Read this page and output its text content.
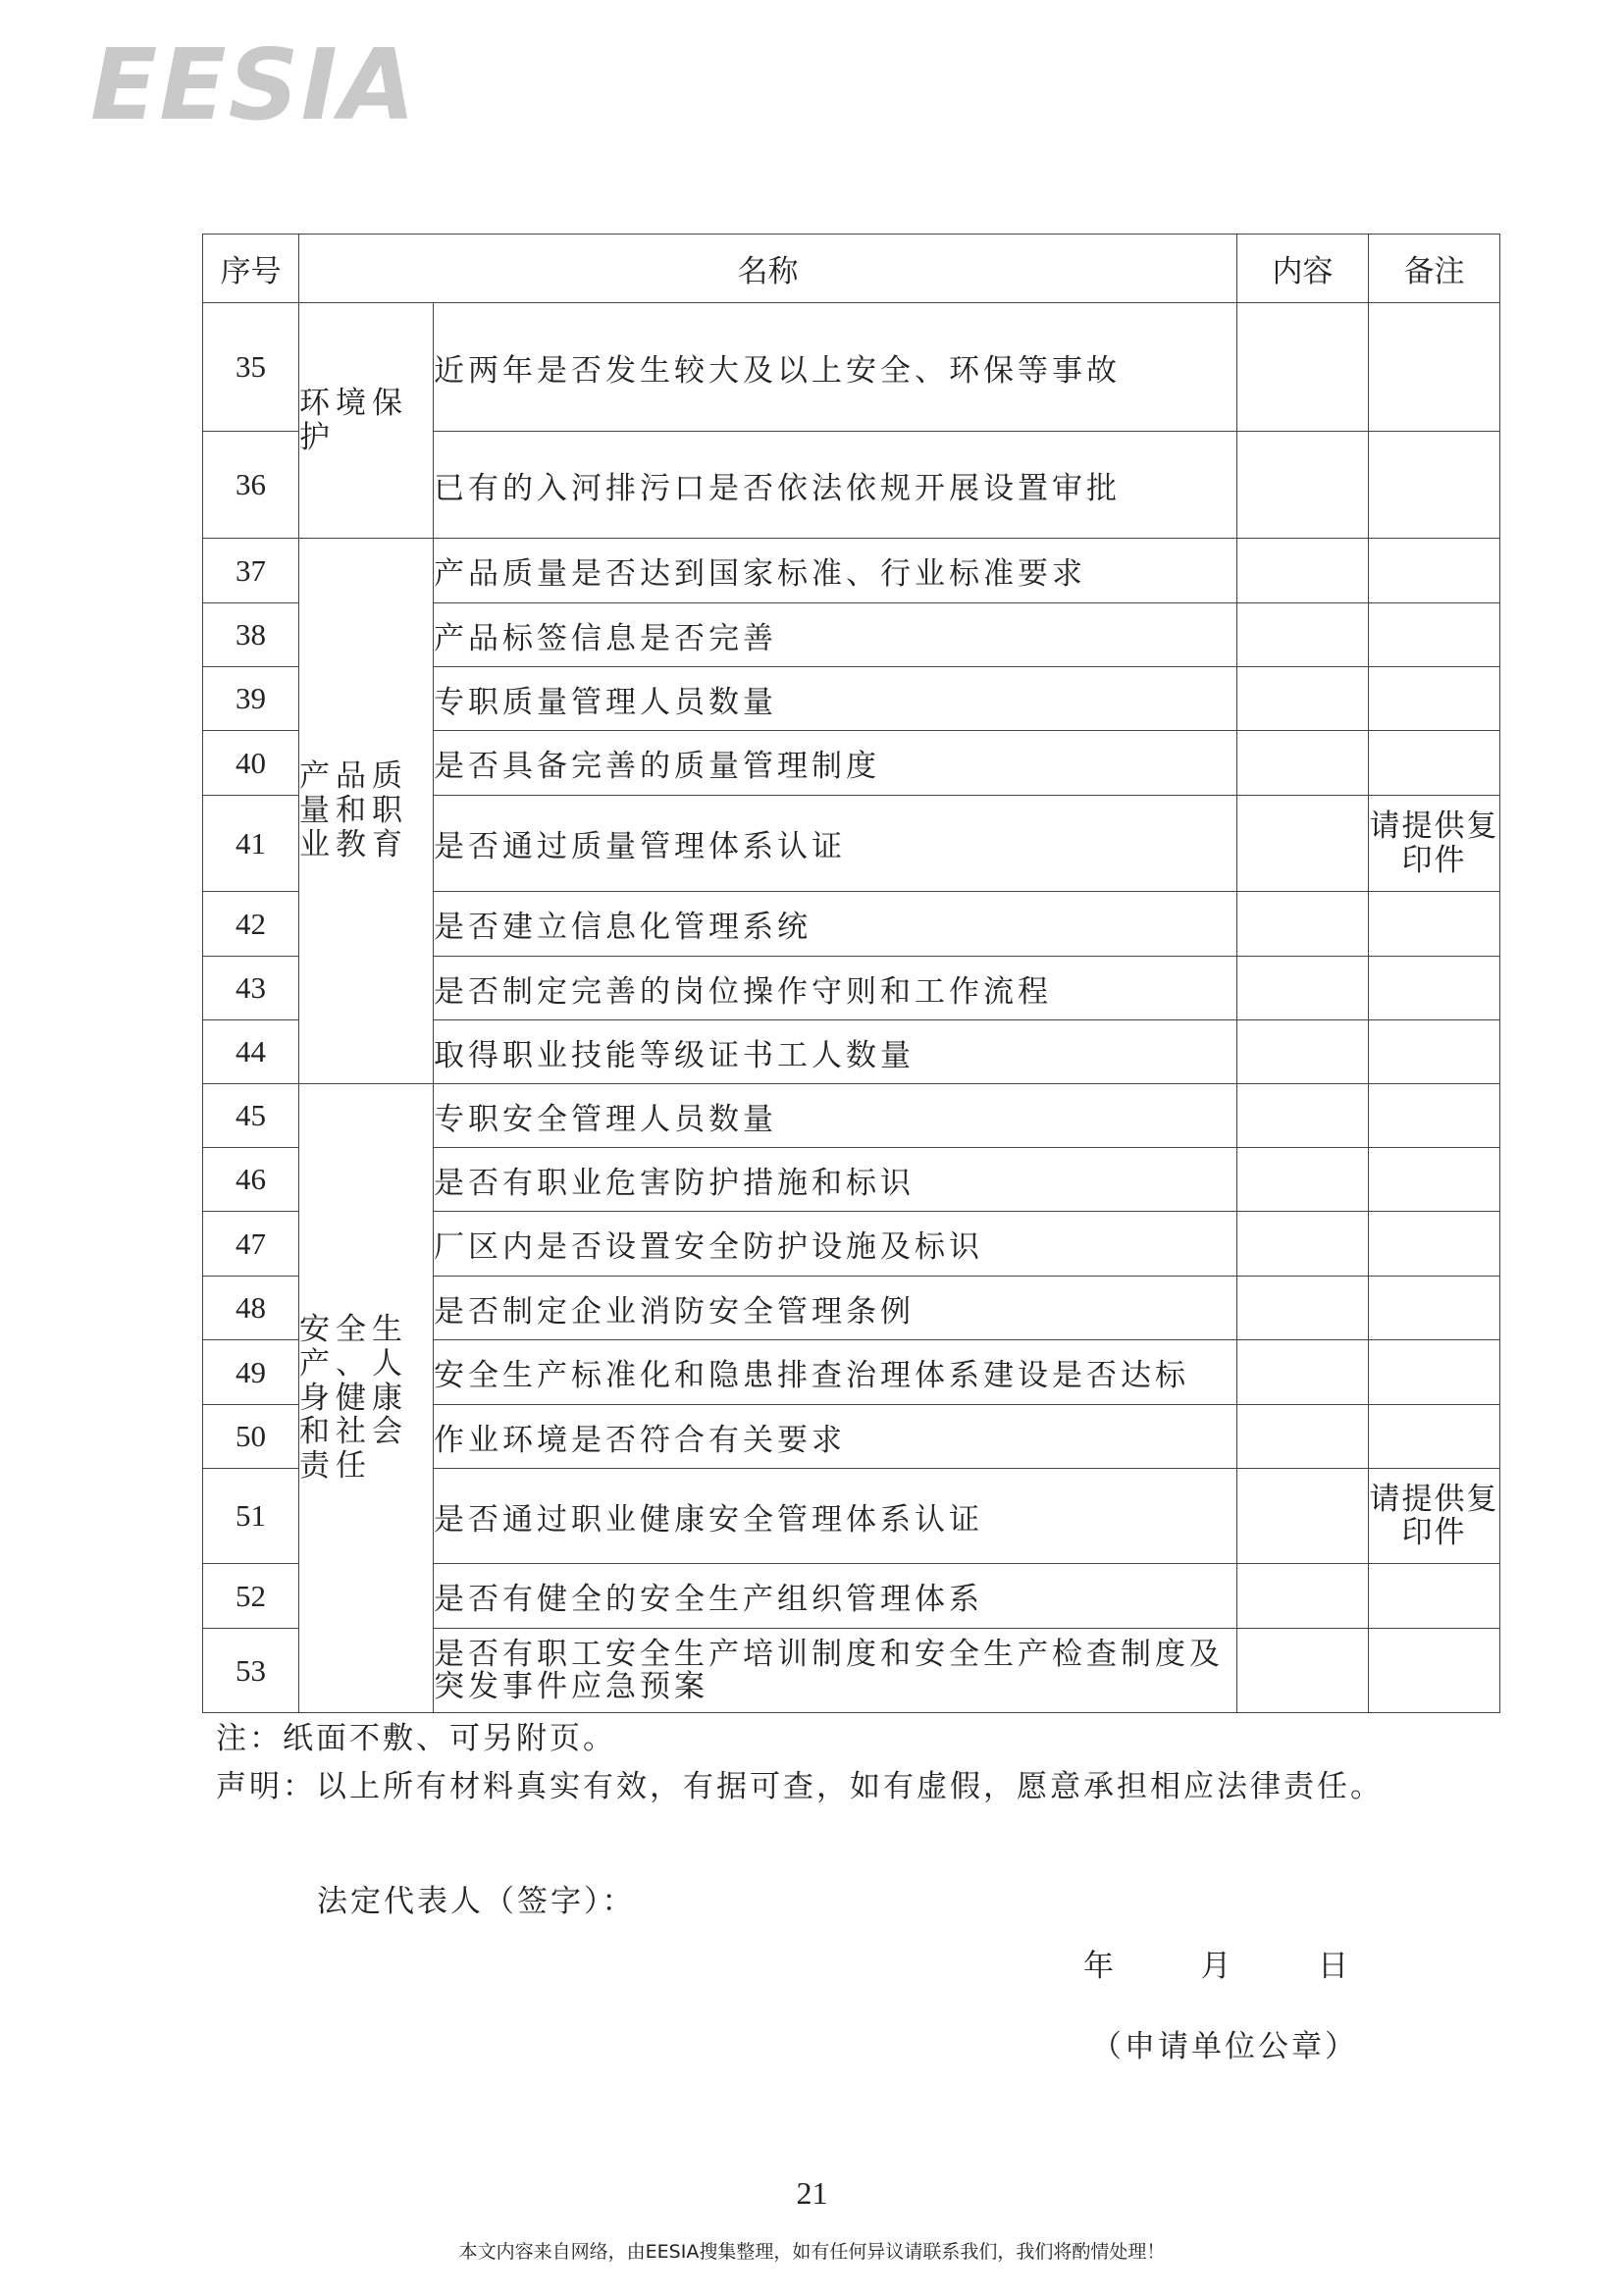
EESIA
序号	名称		内容	备注
35	环境保护	近两年是否发生较大及以上安全、环保等事故		
36		已有的入河排污口是否依法依规开展设置审批		
37	产品质量和职业教育	产品质量是否达到国家标准、行业标准要求		
38		产品标签信息是否完善		
39		专职质量管理人员数量		
40		是否具备完善的质量管理制度		
41		是否通过质量管理体系认证		请提供复印件
42		是否建立信息化管理系统		
43		是否制定完善的岗位操作守则和工作流程		
44		取得职业技能等级证书工人数量		
45	安全生产、人身健康和社会责任	专职安全管理人员数量		
46		是否有职业危害防护措施和标识		
47		厂区内是否设置安全防护设施及标识		
48		是否制定企业消防安全管理条例		
49		安全生产标准化和隐患排查治理体系建设是否达标		
50		作业环境是否符合有关要求		
51		是否通过职业健康安全管理体系认证		请提供复印件
52		是否有健全的安全生产组织管理体系		
53		是否有职工安全生产培训制度和安全生产检查制度及突发事件应急预案		
注：纸面不敷、可另附页。
声明：以上所有材料真实有效，有据可查，如有虚假，愿意承担相应法律责任。
法定代表人（签字）：
年	月	日
（申请单位公章）
21
本文内容来自网络，由EESIA搜集整理，如有任何异议请联系我们，我们将酌情处理！
